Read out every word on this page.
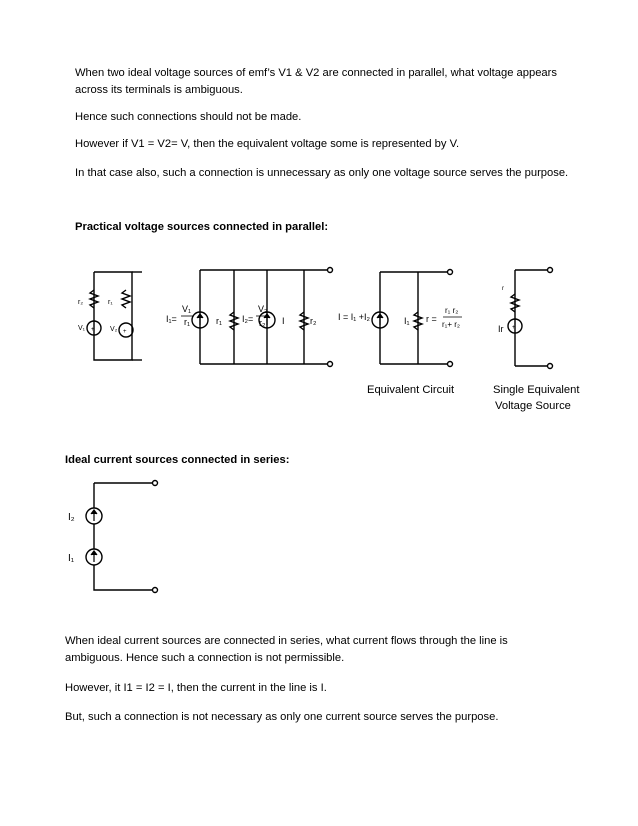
When two ideal voltage sources of emf’s V1 & V2 are connected in parallel, what voltage appears across its terminals is ambiguous.

Hence such connections should not be made.

However if V1 = V2= V, then the equivalent voltage some is represented by V.

In that case also, such a connection is unnecessary as only one voltage source serves the purpose.

Practical voltage sources connected in parallel:

r₂	r₁
V₁	V₂
+	+
I₁=
V₁
r₁	r₁ I₂=
V₂
r₂ I	r₂ I = I₁ +I₂	I₁ r =
r₁ r₂
r₁+ r₂	Ir
r
+

Equivalent Circuit	Single Equivalent

Voltage Source

Ideal current sources connected in series:

I₂
I₁

When ideal current sources are connected in series, what current flows through the line is ambiguous. Hence such a connection is not permissible.

However, it I1 = I2 = I, then the current in the line is I.

But, such a connection is not necessary as only one current source serves the purpose.
